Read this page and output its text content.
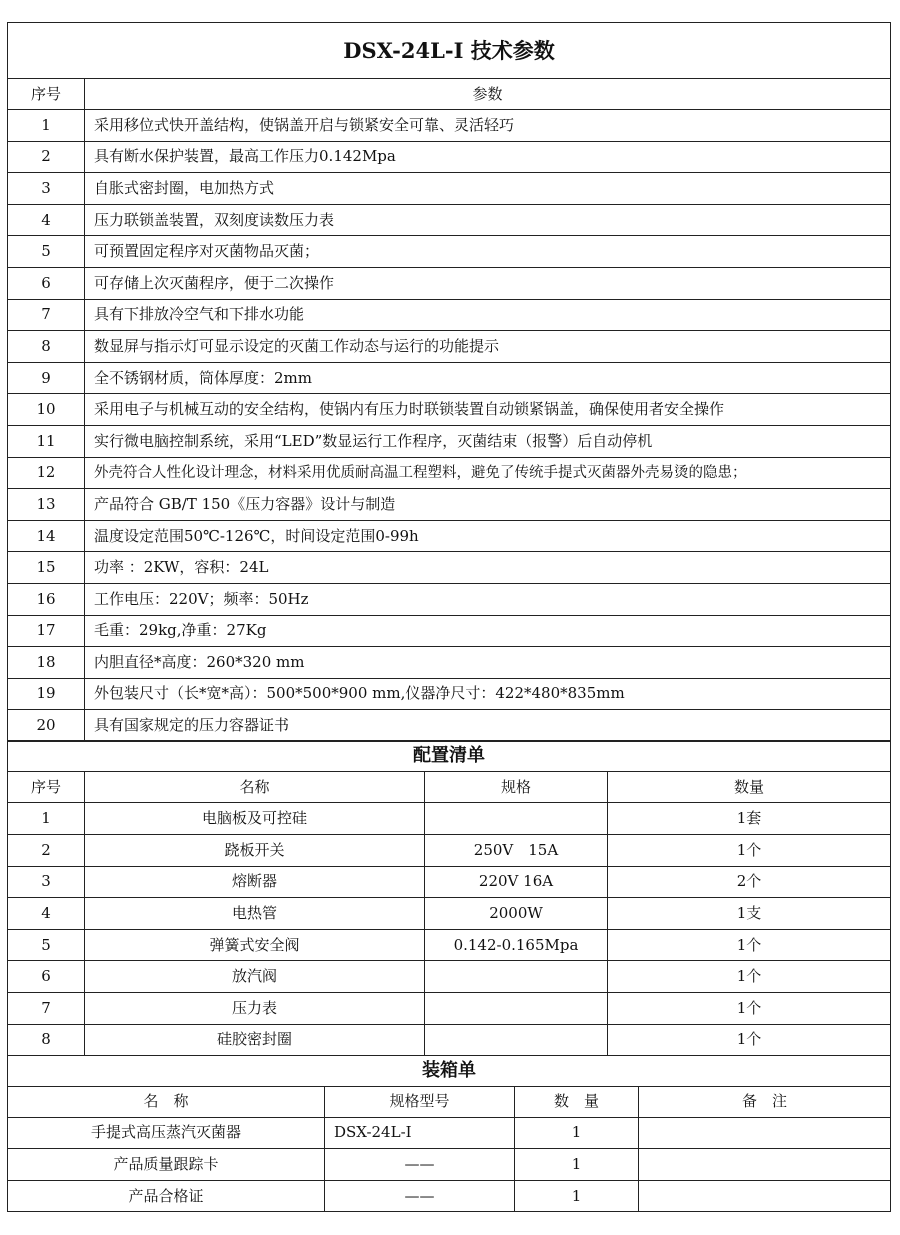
DSX-24L-I 技术参数	
序号	参数
1	采用移位式快开盖结构，使锅盖开启与锁紧安全可靠、灵活轻巧
2	具有断水保护装置，最高工作压力0.142Mpa
3	自胀式密封圈，电加热方式
4	压力联锁盖装置，双刻度读数压力表
5	可预置固定程序对灭菌物品灭菌；
6	可存储上次灭菌程序，便于二次操作
7	具有下排放冷空气和下排水功能
8	数显屏与指示灯可显示设定的灭菌工作动态与运行的功能提示
9	全不锈钢材质，筒体厚度：2mm
10	采用电子与机械互动的安全结构，使锅内有压力时联锁装置自动锁紧锅盖，确保使用者安全操作
11	实行微电脑控制系统，采用“LED”数显运行工作程序，灭菌结束（报警）后自动停机
12	外壳符合人性化设计理念，材料采用优质耐高温工程塑料，避免了传统手提式灭菌器外壳易烫的隐患；
13	产品符合 GB/T 150《压力容器》设计与制造
14	温度设定范围50℃-126℃，时间设定范围0-99h
15	功率 ：2KW，容积：24L
16	工作电压：220V；频率：50Hz
17	毛重：29kg,净重：27Kg
18	内胆直径*高度：260*320 mm
19	外包装尺寸（长*宽*高）：500*500*900 mm,仪器净尺寸：422*480*835mm
20	具有国家规定的压力容器证书
配置清单			
序号	名称	规格	数量
1	电脑板及可控硅		1套
2	跷板开关	250V　15A	1个
3	熔断器	220V 16A	2个
4	电热管	2000W	1支
5	弹簧式安全阀	0.142-0.165Mpa	1个
6	放汽阀		1个
7	压力表		1个
8	硅胶密封圈		1个
装箱单			
名　称	规格型号	数　量	备　注
手提式高压蒸汽灭菌器	DSX-24L-I	1	
产品质量跟踪卡	——	1	
产品合格证	——	1	
